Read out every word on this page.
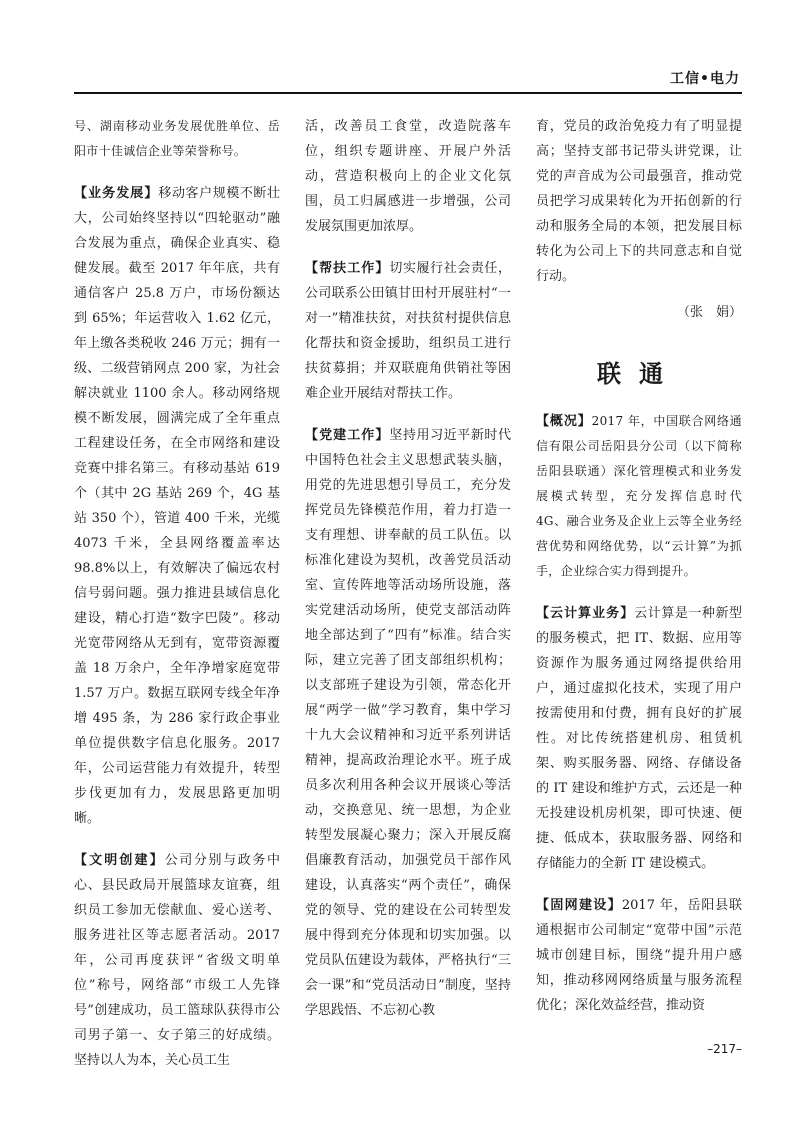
工信•电力

号、湖南移动业务发展优胜单位、岳阳市十佳诚信企业等荣誉称号。

【业务发展】移动客户规模不断壮大，公司始终坚持以“四轮驱动”融合发展为重点，确保企业真实、稳健发展。截至 2017 年年底，共有通信客户 25.8 万户，市场份额达到 65%；年运营收入 1.62 亿元，年上缴各类税收 246 万元；拥有一级、二级营销网点 200 家，为社会解决就业 1100 余人。移动网络规模不断发展，圆满完成了全年重点工程建设任务，在全市网络和建设竞赛中排名第三。有移动基站 619 个（其中 2G 基站 269 个，4G 基站 350 个），管道 400 千米，光缆 4073 千米，全县网络覆盖率达 98.8%以上，有效解决了偏远农村信号弱问题。强力推进县域信息化建设，精心打造“数字巴陵”。移动光宽带网络从无到有，宽带资源覆盖 18 万余户，全年净增家庭宽带 1.57 万户。数据互联网专线全年净增 495 条，为 286 家行政企事业单位提供数字信息化服务。2017 年，公司运营能力有效提升，转型步伐更加有力，发展思路更加明晰。

【文明创建】公司分别与政务中心、县民政局开展篮球友谊赛，组织员工参加无偿献血、爱心送考、服务进社区等志愿者活动。2017 年，公司再度获评“省级文明单位”称号，网络部“市级工人先锋号”创建成功，员工篮球队获得市公司男子第一、女子第三的好成绩。坚持以人为本，关心员工生

活，改善员工食堂，改造院落车位，组织专题讲座、开展户外活动，营造积极向上的企业文化氛围，员工归属感进一步增强，公司发展氛围更加浓厚。

【帮扶工作】切实履行社会责任，公司联系公田镇甘田村开展驻村“一对一”精准扶贫，对扶贫村提供信息化帮扶和资金援助，组织员工进行扶贫募捐；并双联鹿角供销社等困难企业开展结对帮扶工作。

【党建工作】坚持用习近平新时代中国特色社会主义思想武装头脑，用党的先进思想引导员工，充分发挥党员先锋模范作用，着力打造一支有理想、讲奉献的员工队伍。以标准化建设为契机，改善党员活动室、宣传阵地等活动场所设施，落实党建活动场所，使党支部活动阵地全部达到了“四有”标准。结合实际，建立完善了团支部组织机构；以支部班子建设为引领，常态化开展“两学一做”学习教育，集中学习十九大会议精神和习近平系列讲话精神，提高政治理论水平。班子成员多次利用各种会议开展谈心等活动，交换意见、统一思想，为企业转型发展凝心聚力；深入开展反腐倡廉教育活动，加强党员干部作风建设，认真落实“两个责任”，确保党的领导、党的建设在公司转型发展中得到充分体现和切实加强。以党员队伍建设为载体，严格执行“三会一课”和“党员活动日”制度，坚持学思践悟、不忘初心教

育，党员的政治免疫力有了明显提高；坚持支部书记带头讲党课，让党的声音成为公司最强音，推动党员把学习成果转化为开拓创新的行动和服务全局的本领，把发展目标转化为公司上下的共同意志和自觉行动。

（张　娟）

联通

【概况】2017 年，中国联合网络通信有限公司岳阳县分公司（以下简称岳阳县联通）深化管理模式和业务发展模式转型，充分发挥信息时代 4G、融合业务及企业上云等全业务经营优势和网络优势，以“云计算”为抓手，企业综合实力得到提升。

【云计算业务】云计算是一种新型的服务模式，把 IT、数据、应用等资源作为服务通过网络提供给用户，通过虚拟化技术，实现了用户按需使用和付费，拥有良好的扩展性。对比传统搭建机房、租赁机架、购买服务器、网络、存储设备的 IT 建设和维护方式，云还是一种无投建设机房机架，即可快速、便捷、低成本，获取服务器、网络和存储能力的全新 IT 建设模式。

【固网建设】2017 年，岳阳县联通根据市公司制定“宽带中国”示范城市创建目标，围绕“提升用户感知，推动移网网络质量与服务流程优化；深化效益经营，推动资

–217–
